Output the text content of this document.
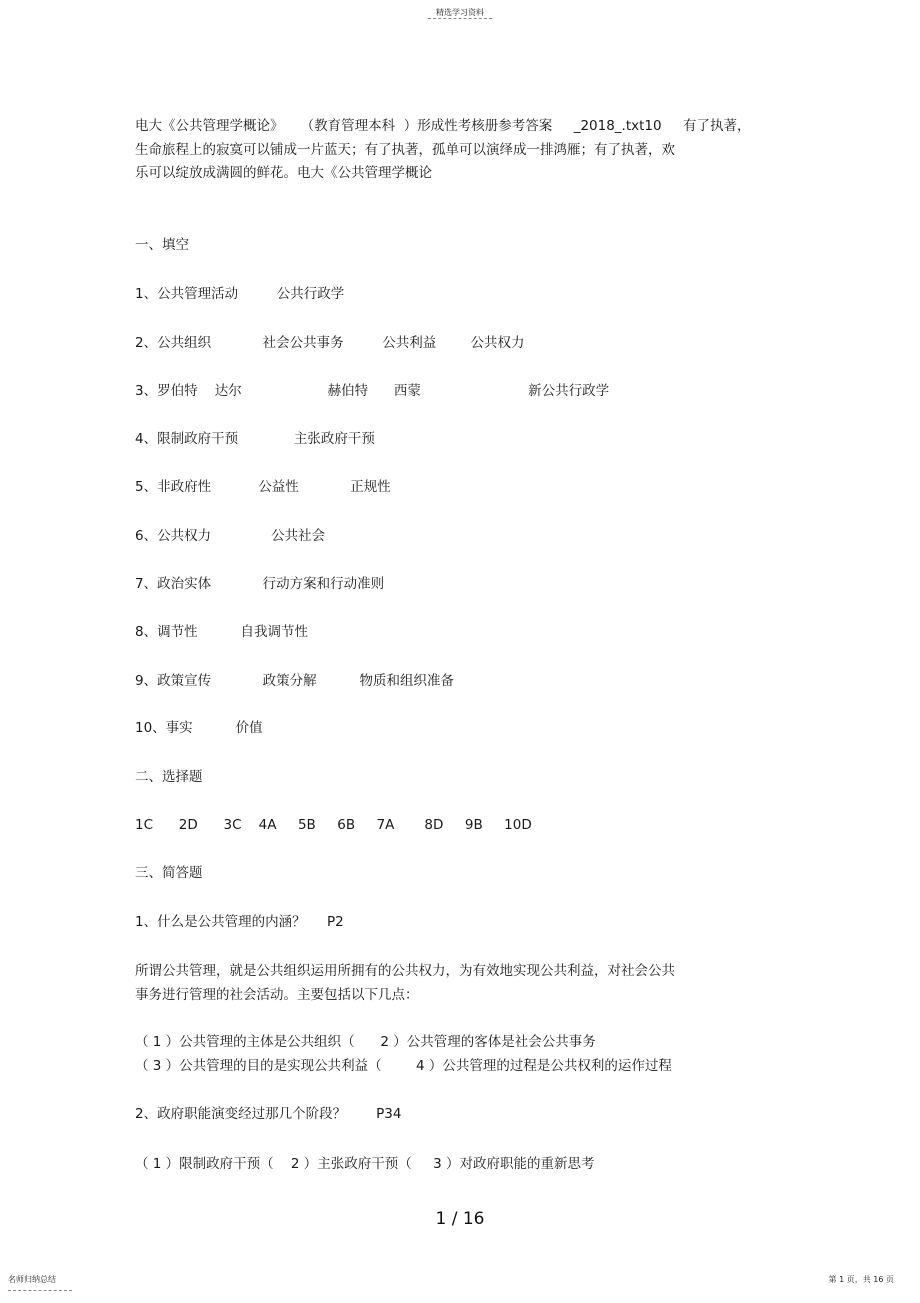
精选学习资料
电大《公共管理学概论》    （教育管理本科  ）形成性考核册参考答案     _2018_.txt10     有了执著，
生命旅程上的寂寞可以铺成一片蓝天；有了执著，孤单可以演绎成一排鸿雁；有了执著，欢
乐可以绽放成满圆的鲜花。电大《公共管理学概论
一、填空
1、公共管理活动         公共行政学
2、公共组织            社会公共事务         公共利益        公共权力
3、罗伯特    达尔                    赫伯特      西蒙                         新公共行政学
4、限制政府干预             主张政府干预
5、非政府性           公益性            正规性
6、公共权力              公共社会
7、政治实体            行动方案和行动准则
8、调节性          自我调节性
9、政策宣传            政策分解          物质和组织准备
10、事实          价值
二、选择题
1C      2D      3C    4A     5B     6B     7A       8D     9B     10D
三、简答题
1、什么是公共管理的内涵？     P2
所谓公共管理，就是公共组织运用所拥有的公共权力，为有效地实现公共利益，对社会公共
事务进行管理的社会活动。主要包括以下几点：
（ 1 ）公共管理的主体是公共组织（      2 ）公共管理的客体是社会公共事务
（ 3 ）公共管理的目的是实现公共利益（        4 ）公共管理的过程是公共权利的运作过程
2、政府职能演变经过那几个阶段？       P34
（ 1 ）限制政府干预（    2 ）主张政府干预（     3 ）对政府职能的重新思考
1 / 16
名师归纳总结	第 1 页，共 16 页
